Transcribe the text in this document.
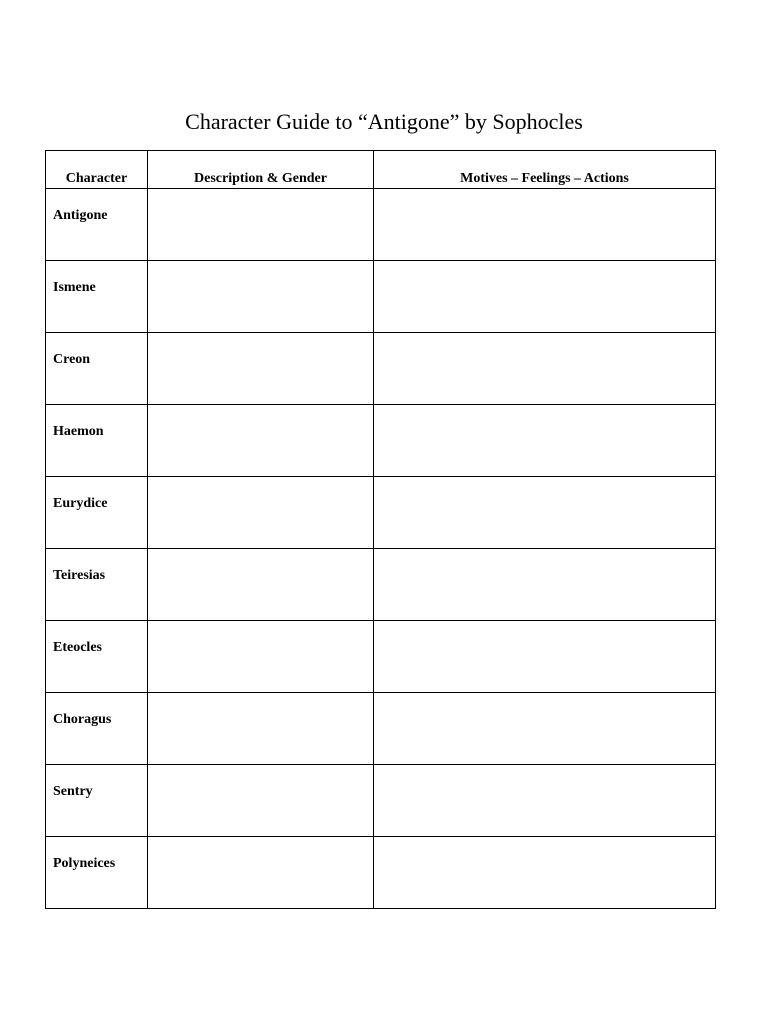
Character Guide to “Antigone” by Sophocles
Character	Description & Gender	Motives – Feelings – Actions
Antigone		
Ismene		
Creon		
Haemon		
Eurydice		
Teiresias		
Eteocles		
Choragus		
Sentry		
Polyneices		
